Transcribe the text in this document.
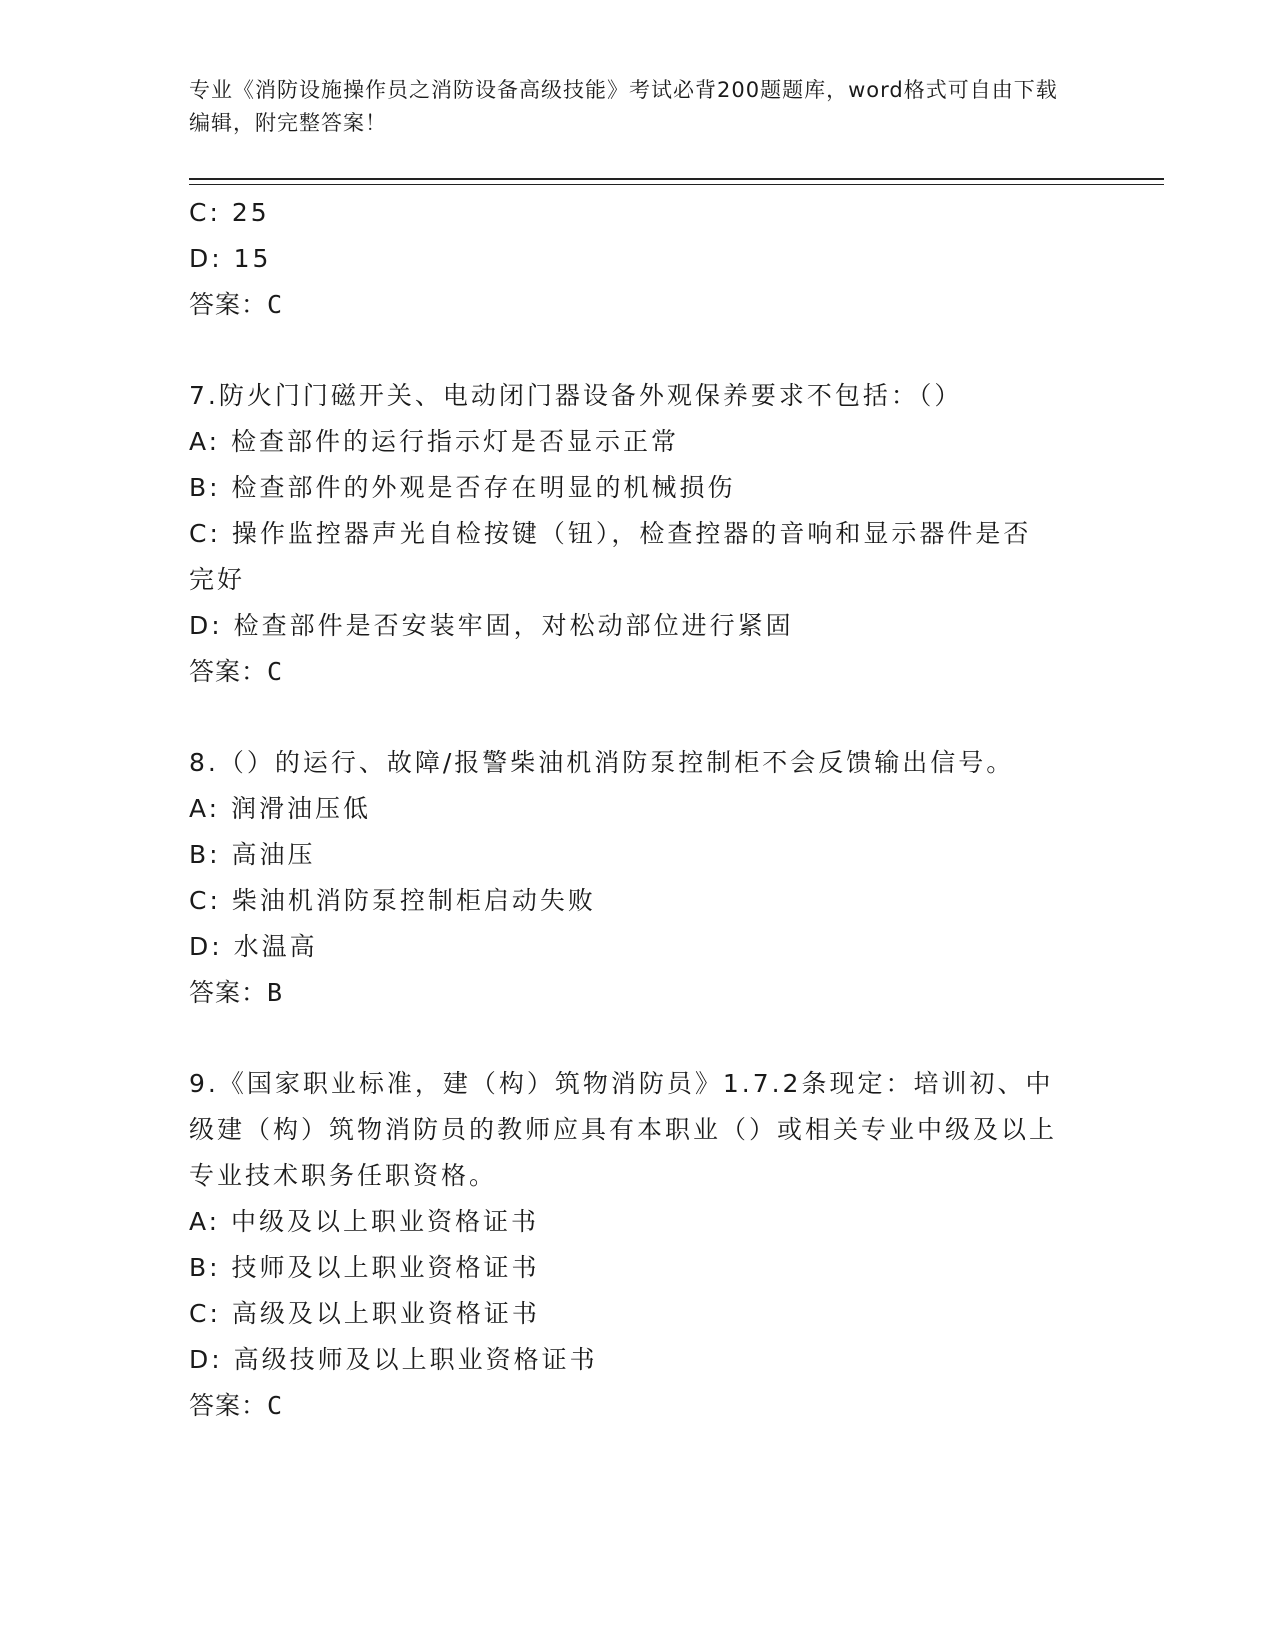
专业《消防设施操作员之消防设备高级技能》考试必背200题题库，word格式可自由下载编辑，附完整答案！
C: 25
D: 15
答案：C
7.防火门门磁开关、电动闭门器设备外观保养要求不包括：（）
A: 检查部件的运行指示灯是否显示正常
B: 检查部件的外观是否存在明显的机械损伤
C: 操作监控器声光自检按键（钮），检查控器的音响和显示器件是否完好
D: 检查部件是否安装牢固，对松动部位进行紧固
答案：C
8.（）的运行、故障/报警柴油机消防泵控制柜不会反馈输出信号。
A: 润滑油压低
B: 高油压
C: 柴油机消防泵控制柜启动失败
D: 水温高
答案：B
9.《国家职业标准，建（构）筑物消防员》1.7.2条现定：培训初、中级建（构）筑物消防员的教师应具有本职业（）或相关专业中级及以上专业技术职务任职资格。
A: 中级及以上职业资格证书
B: 技师及以上职业资格证书
C: 高级及以上职业资格证书
D: 高级技师及以上职业资格证书
答案：C
